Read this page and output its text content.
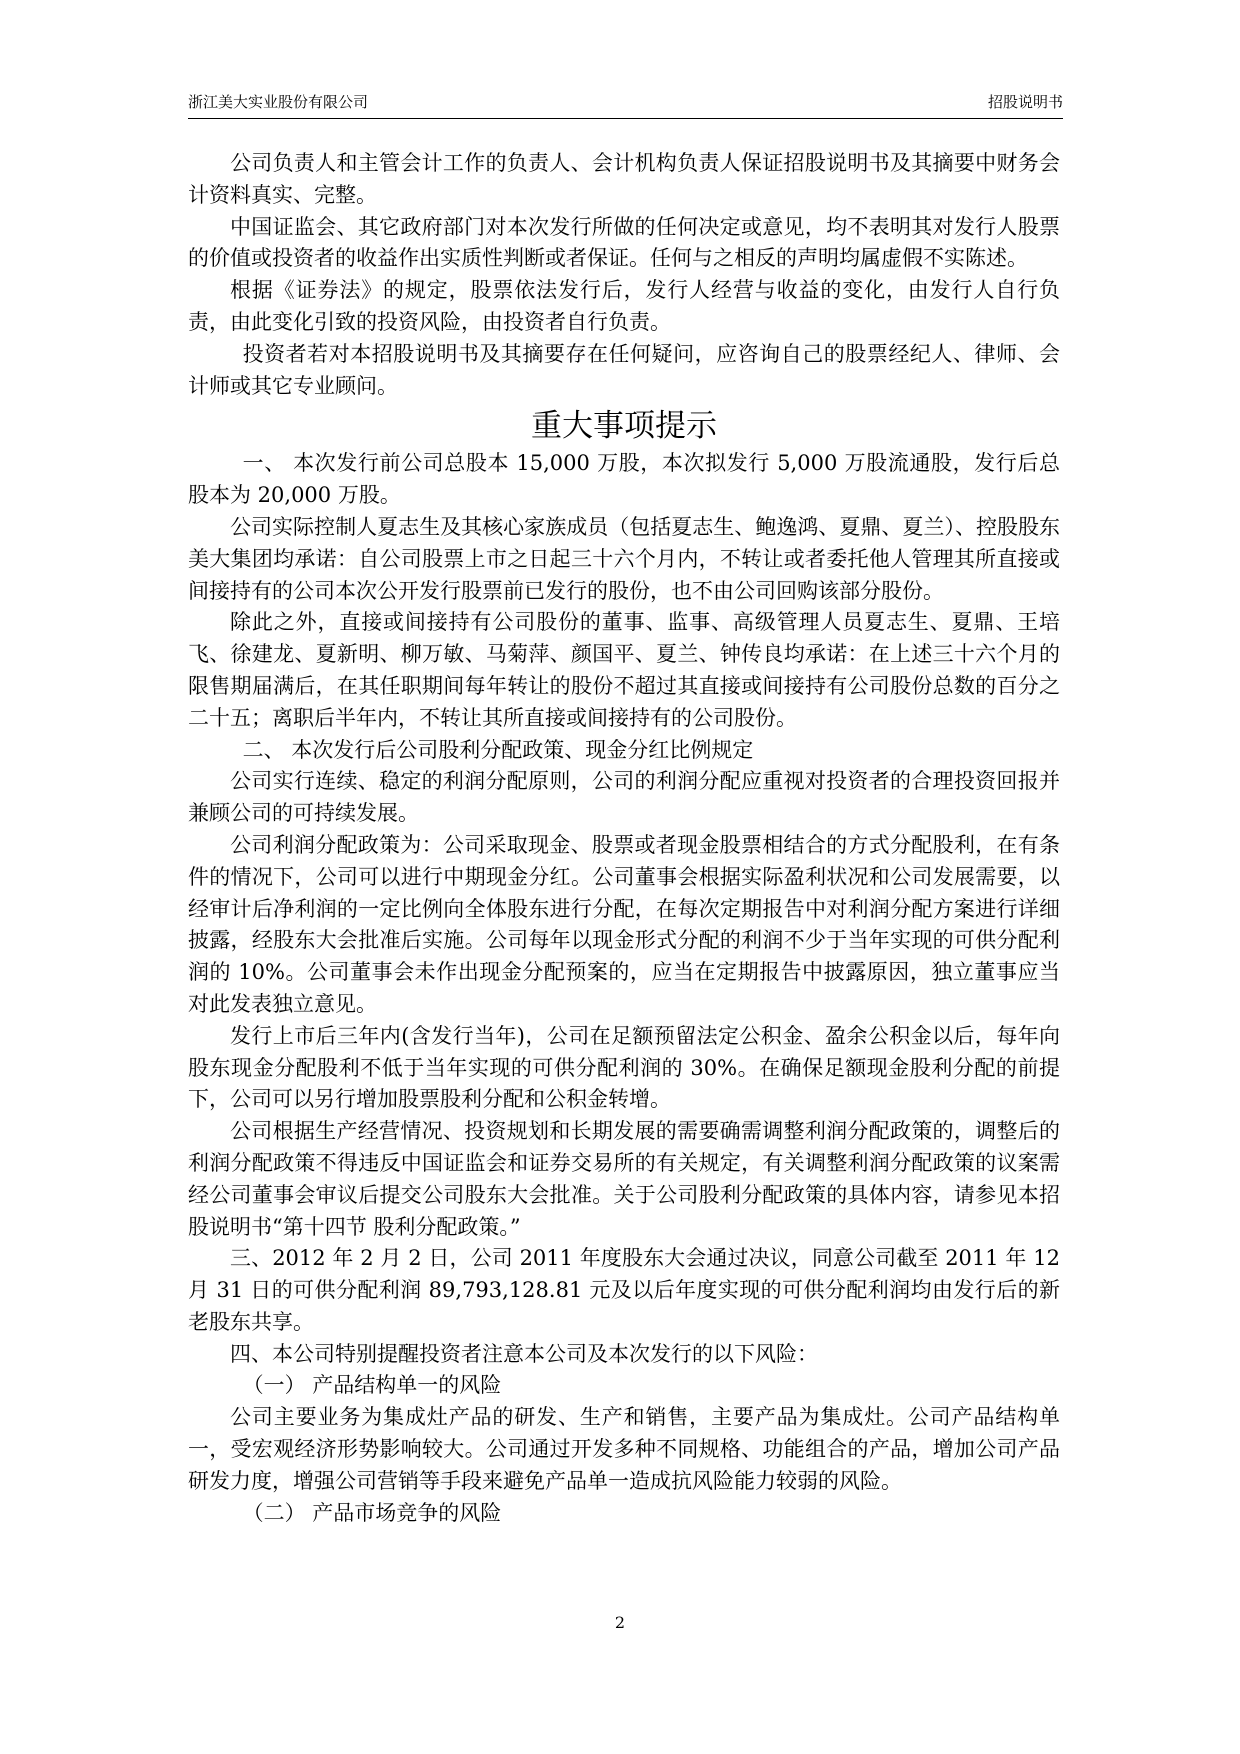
浙江美大实业股份有限公司	招股说明书

公司负责人和主管会计工作的负责人、会计机构负责人保证招股说明书及其摘要中财务会计资料真实、完整。

中国证监会、其它政府部门对本次发行所做的任何决定或意见，均不表明其对发行人股票的价值或投资者的收益作出实质性判断或者保证。任何与之相反的声明均属虚假不实陈述。

根据《证券法》的规定，股票依法发行后，发行人经营与收益的变化，由发行人自行负责，由此变化引致的投资风险，由投资者自行负责。

投资者若对本招股说明书及其摘要存在任何疑问，应咨询自己的股票经纪人、律师、会计师或其它专业顾问。

重大事项提示

一、 本次发行前公司总股本 15,000 万股，本次拟发行 5,000 万股流通股，发行后总股本为 20,000 万股。

公司实际控制人夏志生及其核心家族成员（包括夏志生、鲍逸鸿、夏鼎、夏兰）、控股股东美大集团均承诺：自公司股票上市之日起三十六个月内，不转让或者委托他人管理其所直接或间接持有的公司本次公开发行股票前已发行的股份，也不由公司回购该部分股份。

除此之外，直接或间接持有公司股份的董事、监事、高级管理人员夏志生、夏鼎、王培飞、徐建龙、夏新明、柳万敏、马菊萍、颜国平、夏兰、钟传良均承诺：在上述三十六个月的限售期届满后，在其任职期间每年转让的股份不超过其直接或间接持有公司股份总数的百分之二十五；离职后半年内，不转让其所直接或间接持有的公司股份。

二、 本次发行后公司股利分配政策、现金分红比例规定

公司实行连续、稳定的利润分配原则，公司的利润分配应重视对投资者的合理投资回报并兼顾公司的可持续发展。

公司利润分配政策为：公司采取现金、股票或者现金股票相结合的方式分配股利，在有条件的情况下，公司可以进行中期现金分红。公司董事会根据实际盈利状况和公司发展需要，以经审计后净利润的一定比例向全体股东进行分配，在每次定期报告中对利润分配方案进行详细披露，经股东大会批准后实施。公司每年以现金形式分配的利润不少于当年实现的可供分配利润的 10%。公司董事会未作出现金分配预案的，应当在定期报告中披露原因，独立董事应当对此发表独立意见。

发行上市后三年内(含发行当年)，公司在足额预留法定公积金、盈余公积金以后，每年向股东现金分配股利不低于当年实现的可供分配利润的 30%。在确保足额现金股利分配的前提下，公司可以另行增加股票股利分配和公积金转增。

公司根据生产经营情况、投资规划和长期发展的需要确需调整利润分配政策的，调整后的利润分配政策不得违反中国证监会和证券交易所的有关规定，有关调整利润分配政策的议案需经公司董事会审议后提交公司股东大会批准。关于公司股利分配政策的具体内容，请参见本招股说明书“第十四节 股利分配政策。”

三、2012 年 2 月 2 日，公司 2011 年度股东大会通过决议，同意公司截至 2011 年 12 月 31 日的可供分配利润 89,793,128.81 元及以后年度实现的可供分配利润均由发行后的新老股东共享。

四、本公司特别提醒投资者注意本公司及本次发行的以下风险：

（一） 产品结构单一的风险

公司主要业务为集成灶产品的研发、生产和销售，主要产品为集成灶。公司产品结构单一，受宏观经济形势影响较大。公司通过开发多种不同规格、功能组合的产品，增加公司产品研发力度，增强公司营销等手段来避免产品单一造成抗风险能力较弱的风险。

（二） 产品市场竞争的风险

2
